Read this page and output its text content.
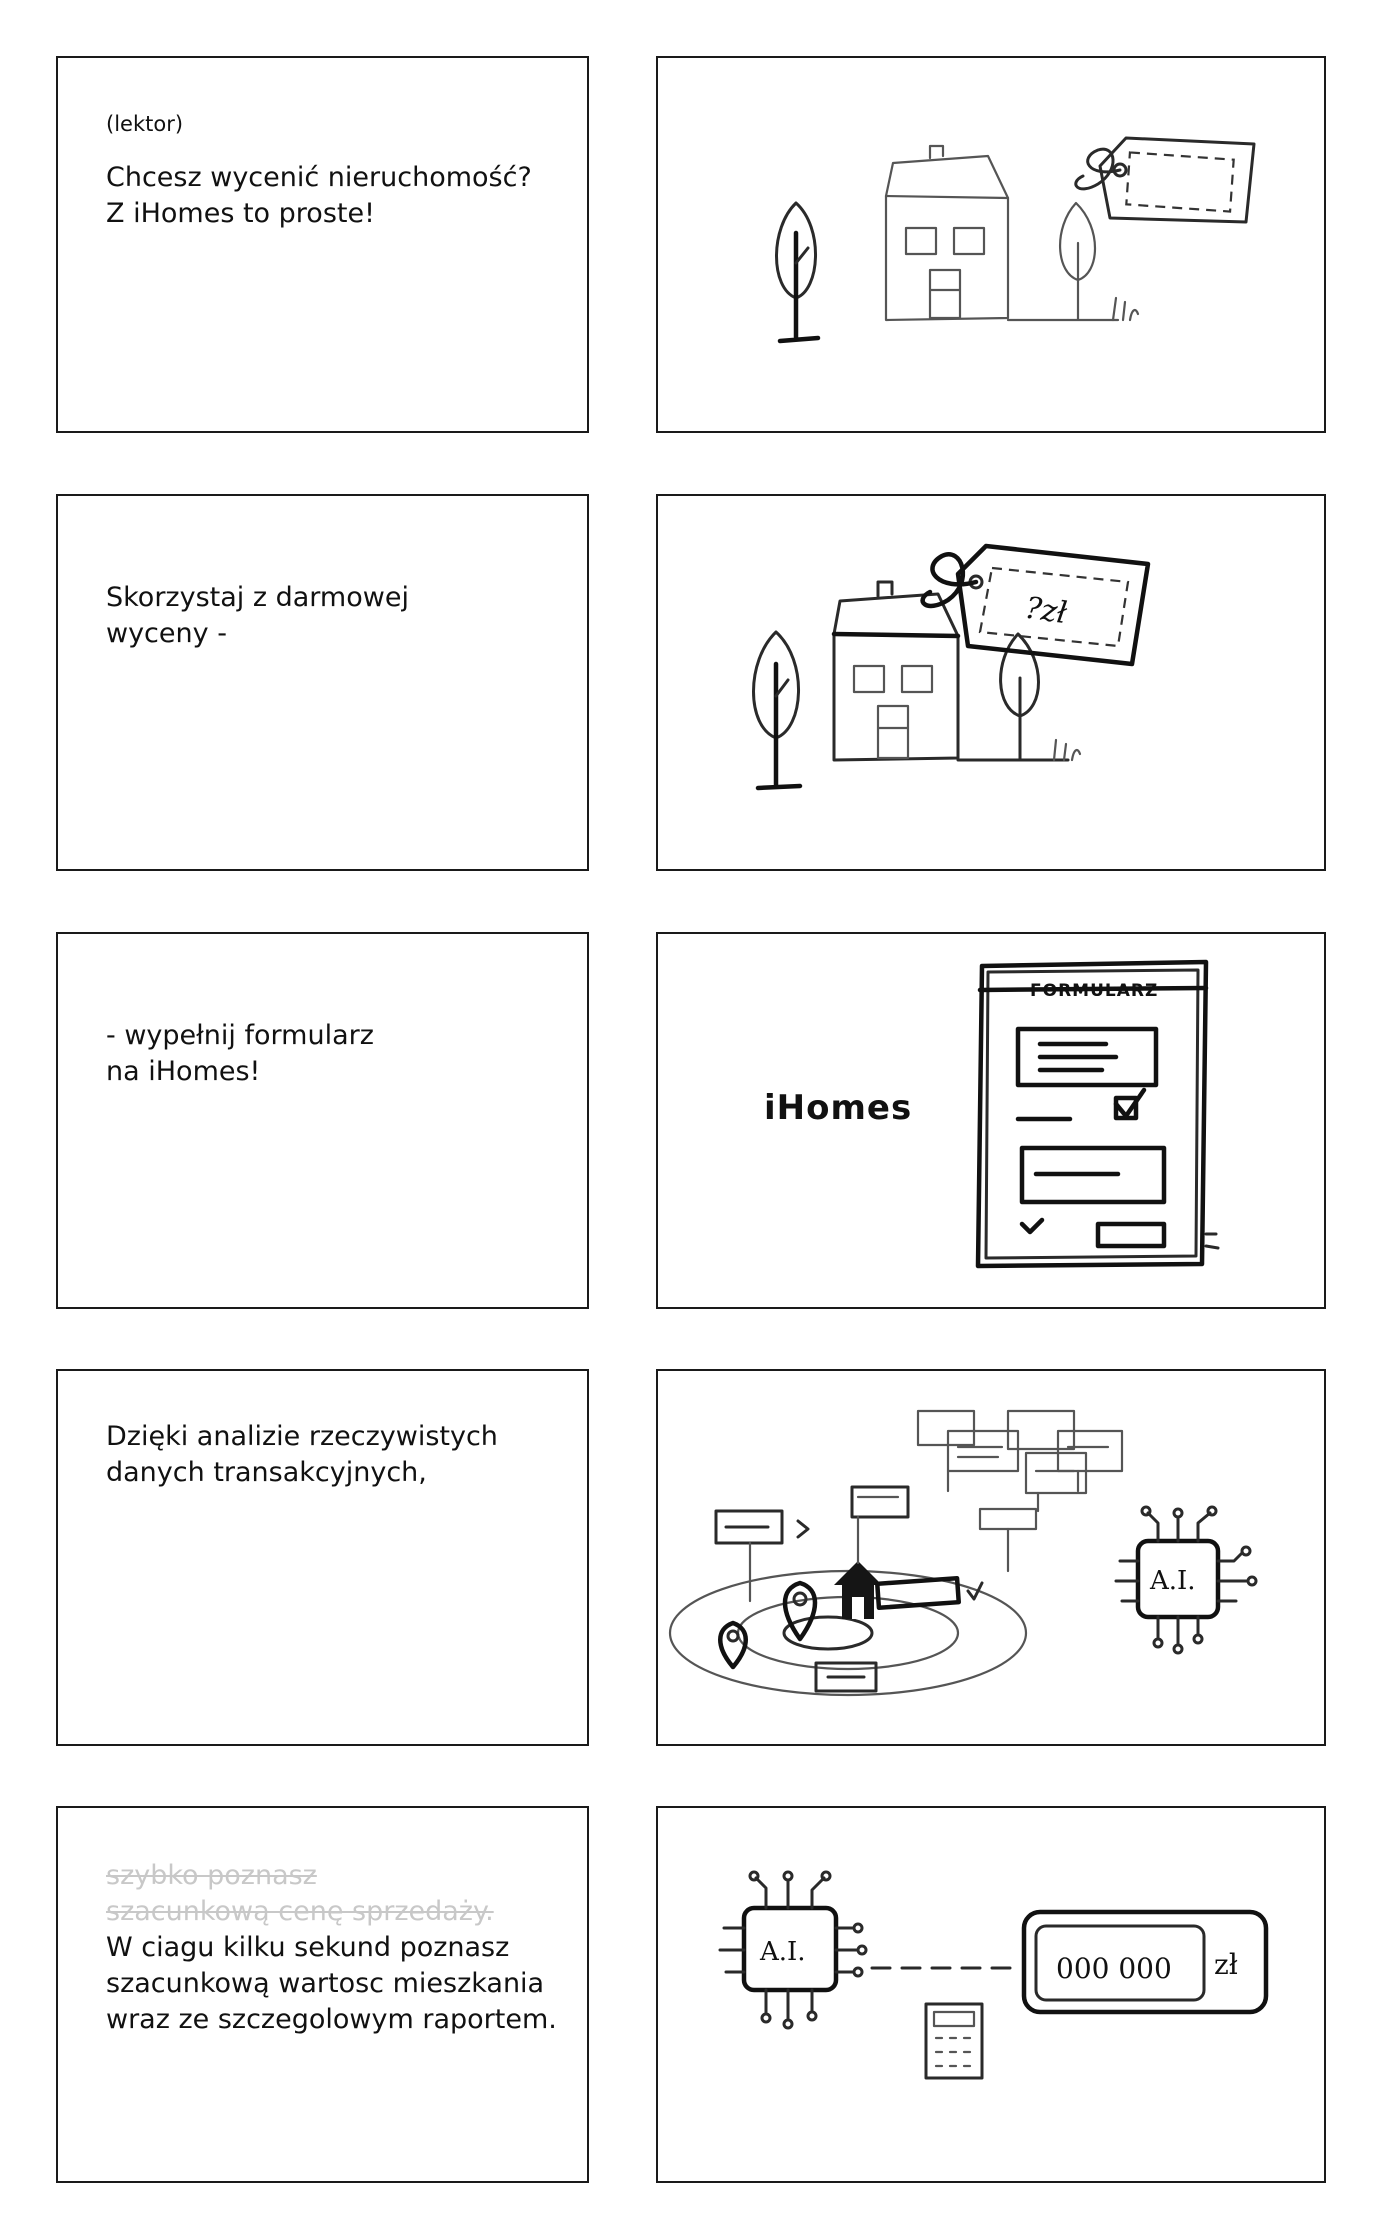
(lektor)
Chcesz wycenić nieruchomość?
Z iHomes to proste!
Skorzystaj z darmowej
wyceny -
?zł
- wypełnij formularz
na iHomes!
iHomes
FORMULARZ
Dzięki analizie rzeczywistych
danych transakcyjnych,
A.I.
szybko poznasz
szacunkową cenę sprzedaży.
W ciagu kilku sekund poznasz
szacunkową wartosc mieszkania
wraz ze szczegolowym raportem.
A.I.	000 000 zł
